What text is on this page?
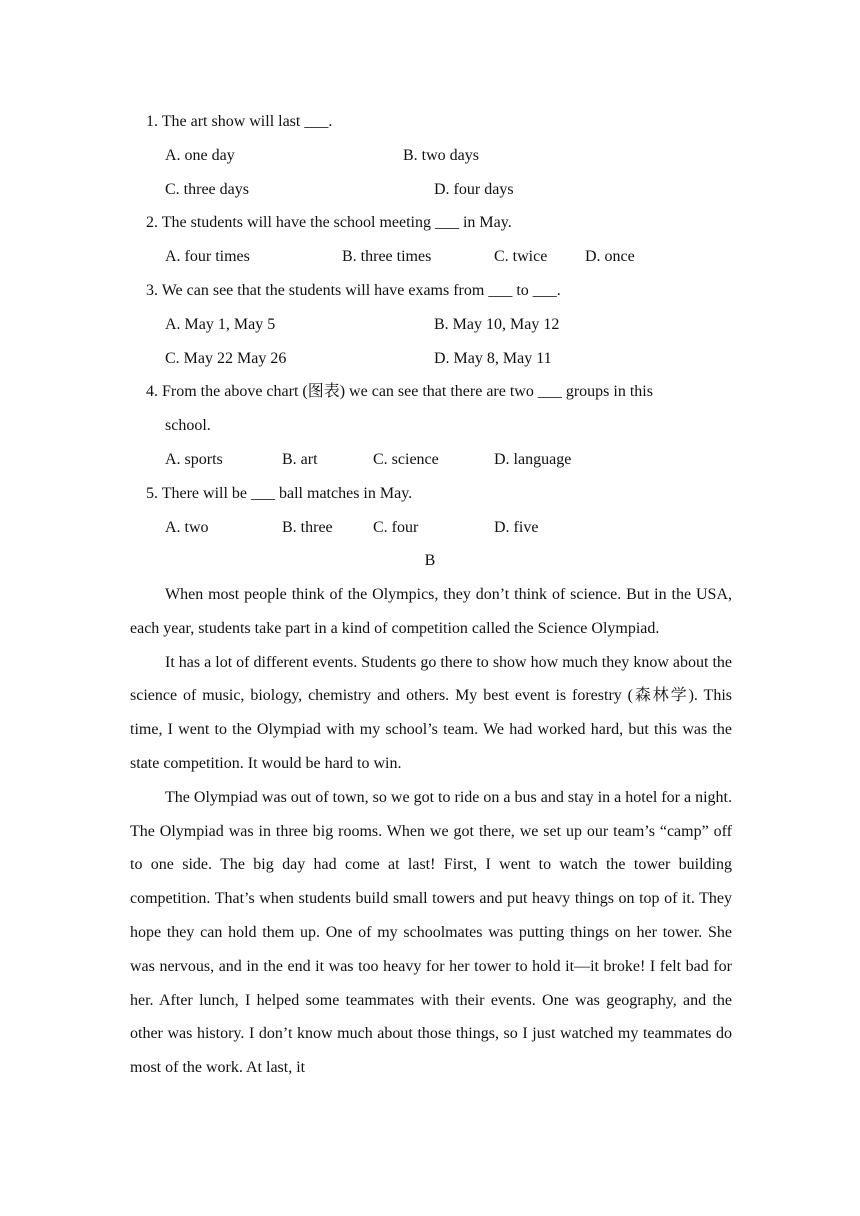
1. The art show will last ___.
A. one day	B. two days
C. three days	D. four days
2. The students will have the school meeting ___ in May.
A. four times	B. three times	C. twice D. once
3. We can see that the students will have exams from ___ to ___.
A. May 1, May 5	B. May 10, May 12
C. May 22 May 26	D. May 8, May 11
4. From the above chart (图表) we can see that there are two ___ groups in this
school.
A. sports	B. art	C. science	D. language
5. There will be ___ ball matches in May.
A. two	B. three	C. four	D. five
B

When most people think of the Olympics, they don’t think of science. But in the USA, each year, students take part in a kind of competition called the Science Olympiad.

It has a lot of different events. Students go there to show how much they know about the science of music, biology, chemistry and others. My best event is forestry (森林学). This time, I went to the Olympiad with my school’s team. We had worked hard, but this was the state competition. It would be hard to win.

The Olympiad was out of town, so we got to ride on a bus and stay in a hotel for a night. The Olympiad was in three big rooms. When we got there, we set up our team’s “camp” off to one side. The big day had come at last! First, I went to watch the tower building competition. That’s when students build small towers and put heavy things on top of it. They hope they can hold them up. One of my schoolmates was putting things on her tower. She was nervous, and in the end it was too heavy for her tower to hold it—it broke! I felt bad for her. After lunch, I helped some teammates with their events. One was geography, and the other was history. I don’t know much about those things, so I just watched my teammates do most of the work. At last, it
